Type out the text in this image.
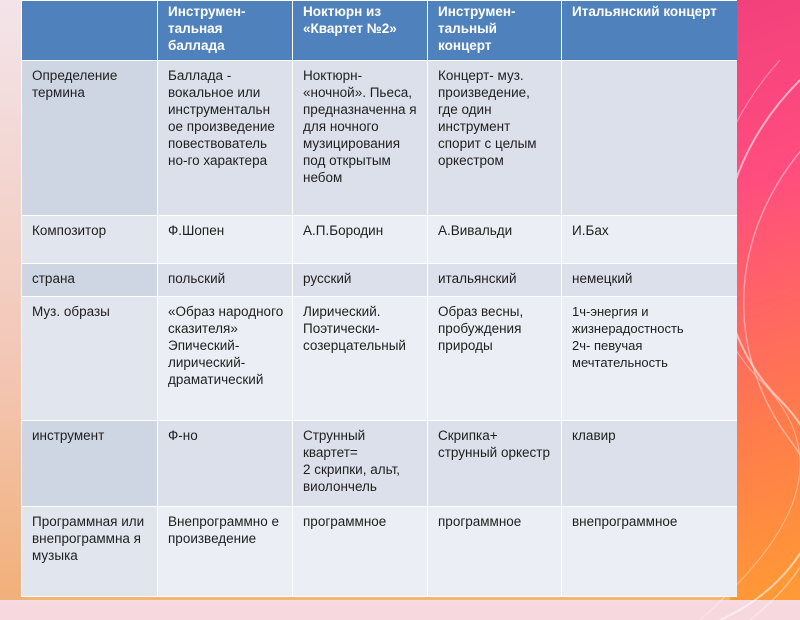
	Инструмен-
тальная
баллада	Ноктюрн из «Квартет №2»	Инструмен-
тальный
концерт	Итальянский концерт
Определение термина	Баллада - вокальное или инструментальн ое произведение повествователь но-го характера	Ноктюрн- «ночной». Пьеса, предназначенна я для ночного музицирования под открытым небом	Концерт- муз. произведение, где один инструмент спорит с целым оркестром	
Композитор	Ф.Шопен	А.П.Бородин	А.Вивальди	И.Бах
страна	польский	русский	итальянский	немецкий
Муз. образы	«Образ народного сказителя» Эпический-лирический-драматический	Лирический. Поэтически-созерцательный	Образ весны, пробуждения природы	1ч-энергия и жизнерадостность
2ч- певучая мечтательность
инструмент	Ф-но	Струнный квартет=
2 скрипки, альт, виолончель	Скрипка+ струнный оркестр	клавир
Программная или внепрограммна я музыка	Внепрограммно е произведение	программное	программное	внепрограммное
